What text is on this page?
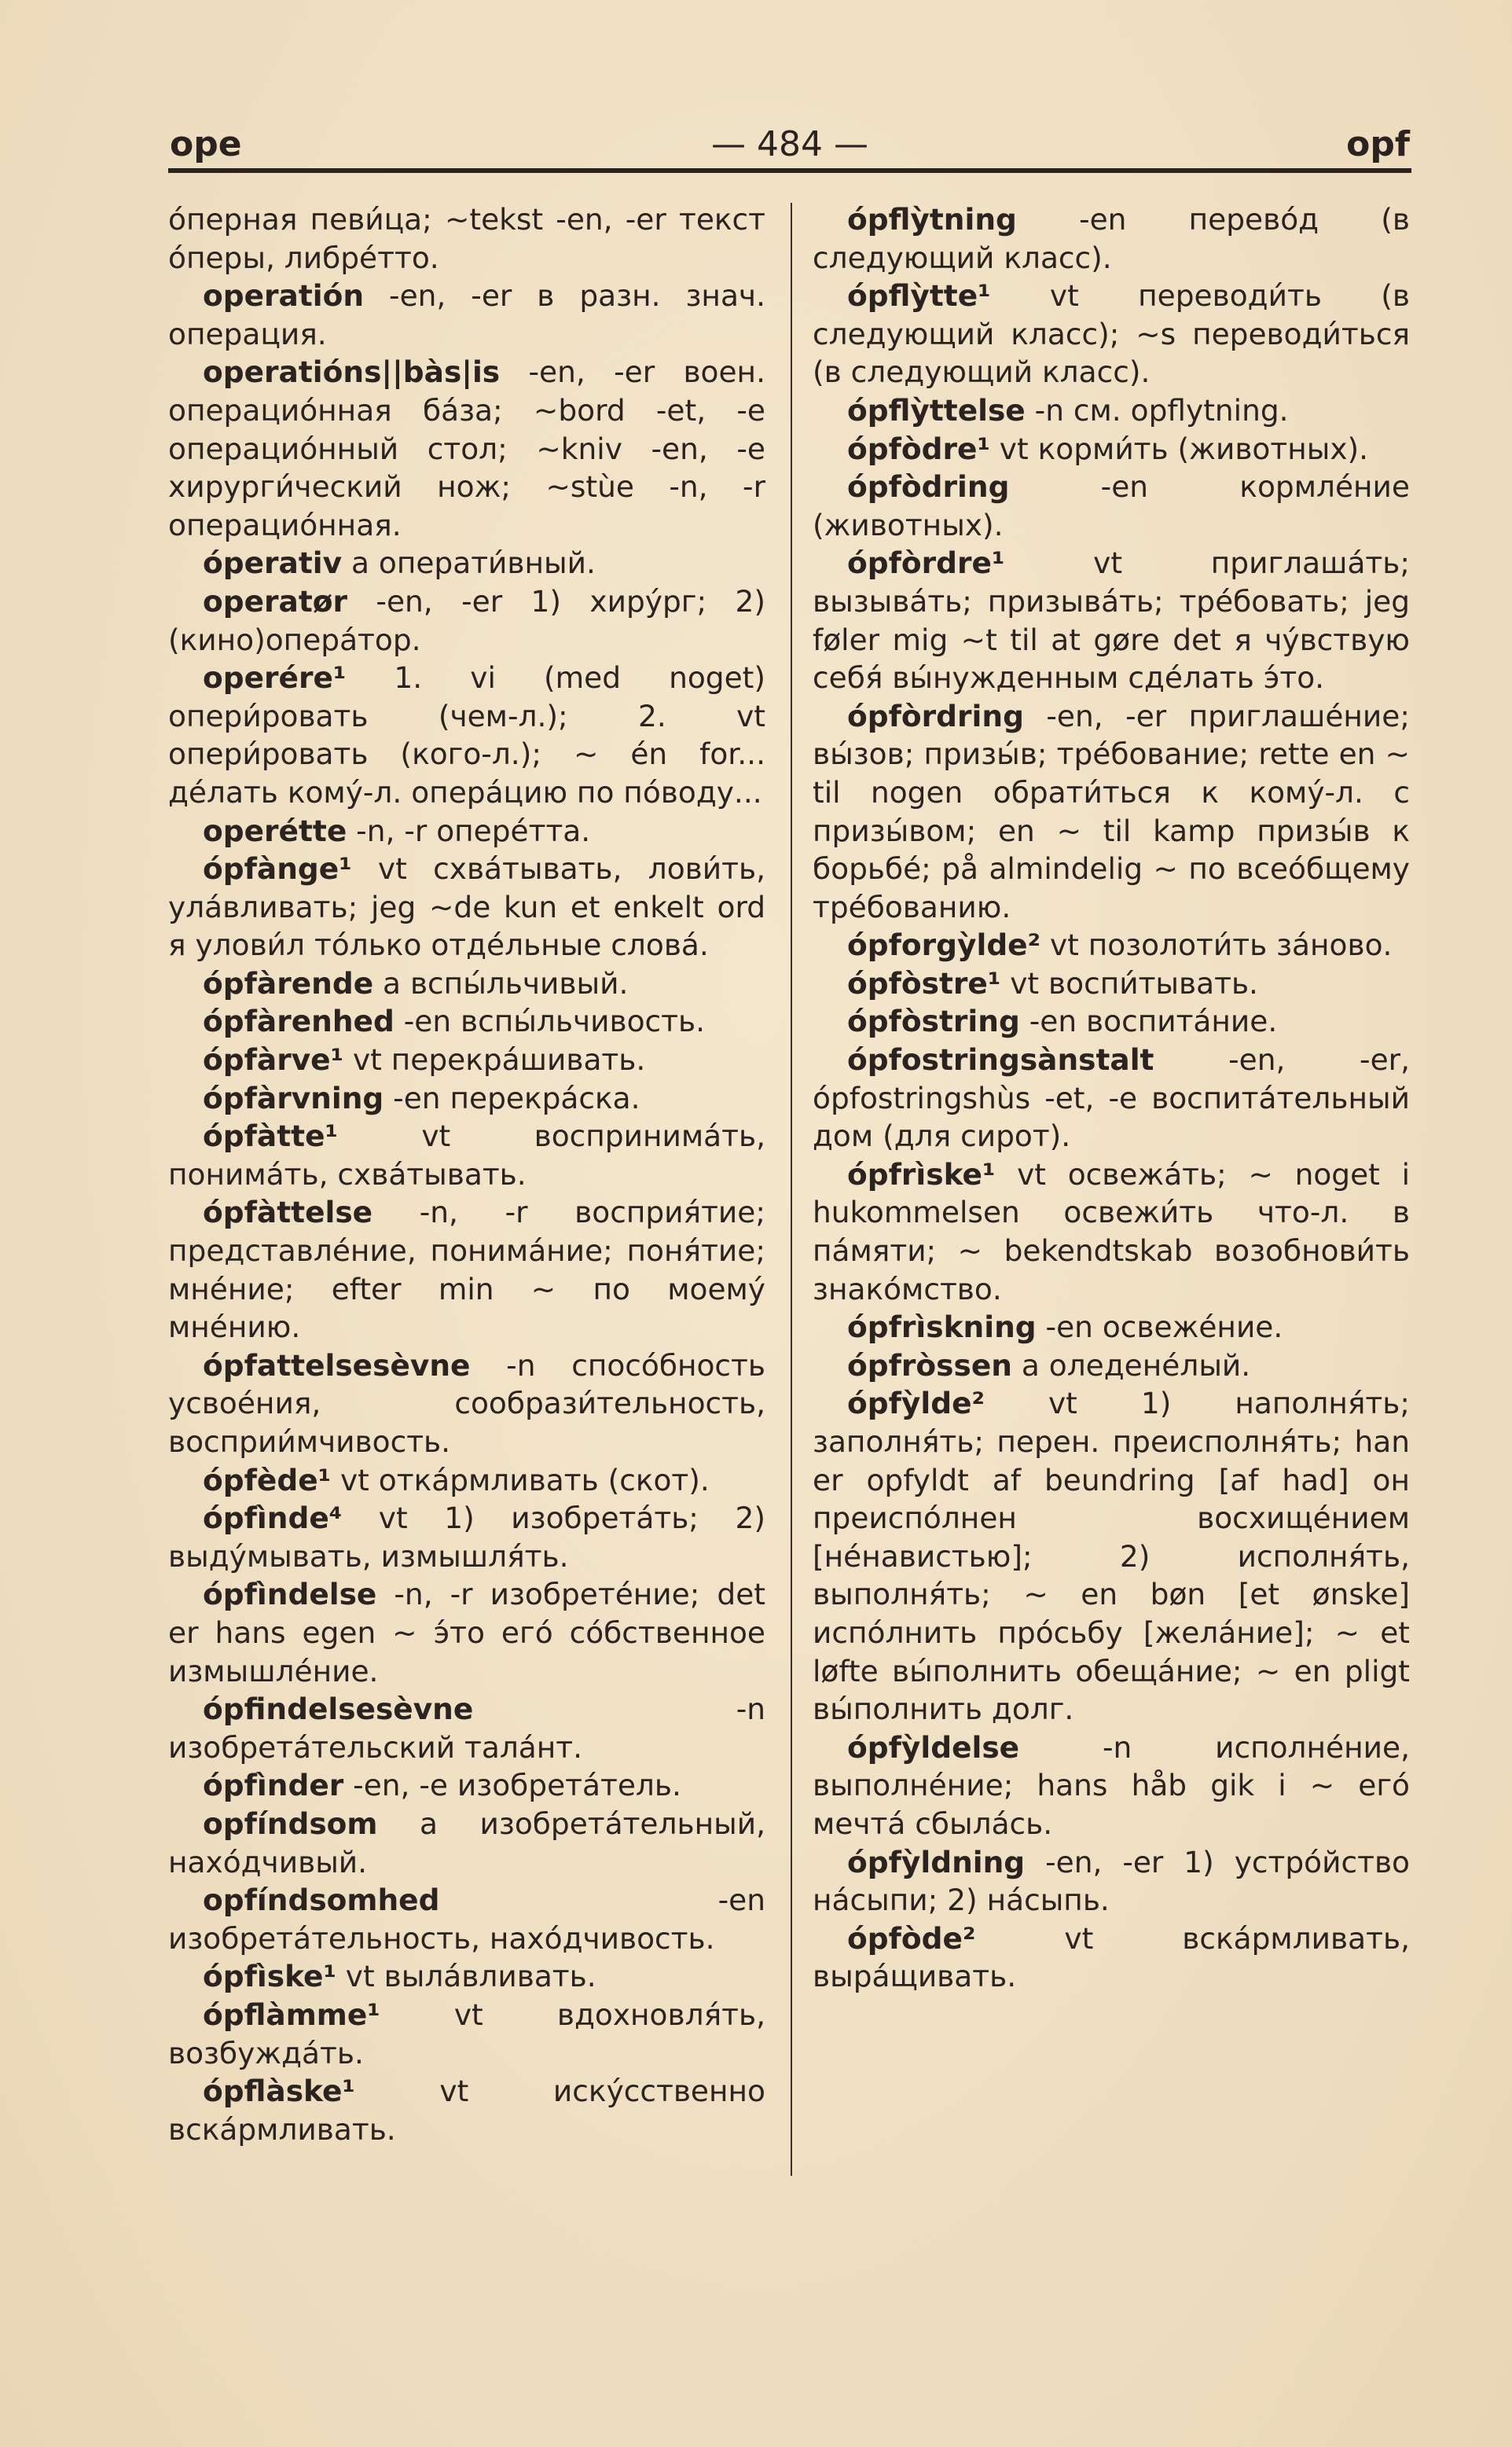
ope	— 484 —	opf

óперная певи́ца; ~tekst -en, -er текст óперы, либрéтто.

operatión -en, -er в разн. знач. операция.

operatións||bàs|is -en, -er воен. операцио́нная ба́за; ~bord -et, -e операцио́нный стол; ~kniv -en, -e хирурги́ческий нож; ~stùe -n, -r операцио́нная.

óperativ a операти́вный.

operatør -en, -er 1) хиру́рг; 2) (кино)опера́тор.

operére¹ 1. vi (med noget) опери́ровать (чем-л.); 2. vt опери́ровать (кого-л.); ~ én for... де́лать кому́-л. опера́цию по по́воду...

operétte -n, -r опере́тта.

ópfànge¹ vt схва́тывать, лови́ть, ула́вливать; jeg ~de kun et enkelt ord я улови́л то́лько отде́льные слова́.

ópfàrende a вспы́льчивый.

ópfàrenhed -en вспы́льчивость.

ópfàrve¹ vt перекра́шивать.

ópfàrvning -en перекра́ска.

ópfàtte¹ vt воспринима́ть, понима́ть, схва́тывать.

ópfàttelse -n, -r восприя́тие; представле́ние, понима́ние; поня́тие; мне́ние; efter min ~ по моему́ мне́нию.

ópfattelsesèvne -n спосо́бность усвое́ния, сообрази́тельность, восприи́мчивость.

ópfède¹ vt отка́рмливать (скот).

ópfìnde⁴ vt 1) изобрета́ть; 2) выду́мывать, измышля́ть.

ópfìndelse -n, -r изобрете́ние; det er hans egen ~ э́то его́ со́бственное измышле́ние.

ópfindelsesèvne -n изобрета́тельский тала́нт.

ópfìnder -en, -e изобрета́тель.

opfíndsom a изобрета́тельный, нахо́дчивый.

opfíndsomhed -en изобрета́тельность, нахо́дчивость.

ópfìske¹ vt выла́вливать.

ópflàmme¹ vt вдохновля́ть, возбужда́ть.

ópflàske¹ vt иску́сственно вска́рмливать.

ópflỳtning -en перево́д (в следующий класс).

ópflỳtte¹ vt переводи́ть (в следующий класс); ~s переводи́ться (в следующий класс).

ópflỳttelse -n см. opflytning.

ópfòdre¹ vt корми́ть (животных).

ópfòdring -en кормле́ние (животных).

ópfòrdre¹ vt приглаша́ть; вызыва́ть; призыва́ть; тре́бовать; jeg føler mig ~t til at gøre det я чу́вствую себя́ вы́нужденным сде́лать э́то.

ópfòrdring -en, -er приглаше́ние; вы́зов; призы́в; тре́бование; rette en ~ til nogen обрати́ться к кому́-л. с призы́вом; en ~ til kamp призы́в к борьбе́; på almindelig ~ по всео́бщему тре́бованию.

ópforgỳlde² vt позолоти́ть за́ново.

ópfòstre¹ vt воспи́тывать.

ópfòstring -en воспита́ние.

ópfostringsànstalt -en, -er, ópfostringshùs -et, -e воспита́тельный дом (для сирот).

ópfrìske¹ vt освежа́ть; ~ noget i hukommelsen освежи́ть что-л. в па́мяти; ~ bekendtskab возобнови́ть знако́мство.

ópfrìskning -en освеже́ние.

ópfròssen a оледене́лый.

ópfỳlde² vt 1) наполня́ть; заполня́ть; перен. преисполня́ть; han er opfyldt af beundring [af had] он преиспо́лнен восхище́нием [не́навистью]; 2) исполня́ть, выполня́ть; ~ en bøn [et ønske] испо́лнить про́сьбу [жела́ние]; ~ et løfte вы́полнить обеща́ние; ~ en pligt вы́полнить долг.

ópfỳldelse -n исполне́ние, выполне́ние; hans håb gik i ~ его́ мечта́ сбыла́сь.

ópfỳldning -en, -er 1) устро́йство на́сыпи; 2) на́сыпь.

ópfòde² vt вска́рмливать, выра́щивать.
